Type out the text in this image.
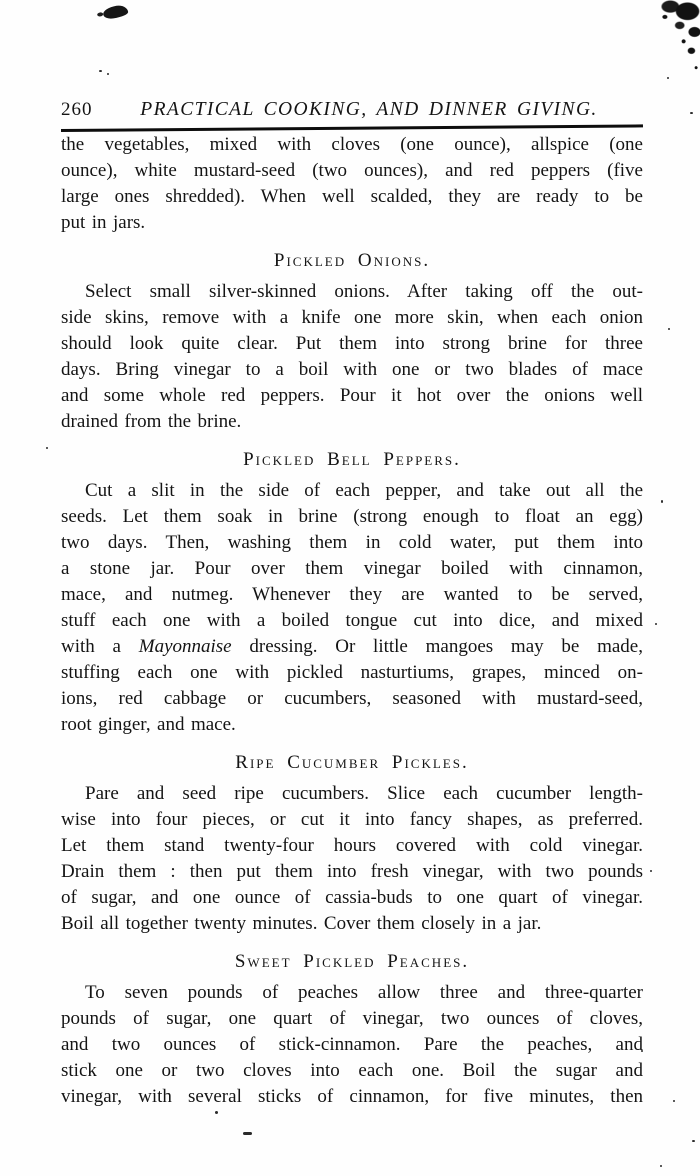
260	PRACTICAL COOKING, AND DINNER GIVING.
the vegetables, mixed with cloves (one ounce), allspice (one
ounce), white mustard-seed (two ounces), and red peppers (five
large ones shredded). When well scalded, they are ready to be
put in jars.
Pickled Onions.
Select small silver-skinned onions. After taking off the out-
side skins, remove with a knife one more skin, when each onion
should look quite clear. Put them into strong brine for three
days. Bring vinegar to a boil with one or two blades of mace
and some whole red peppers. Pour it hot over the onions well
drained from the brine.
Pickled Bell Peppers.
Cut a slit in the side of each pepper, and take out all the
seeds. Let them soak in brine (strong enough to float an egg)
two days. Then, washing them in cold water, put them into
a stone jar. Pour over them vinegar boiled with cinnamon,
mace, and nutmeg. Whenever they are wanted to be served,
stuff each one with a boiled tongue cut into dice, and mixed
with a Mayonnaise dressing. Or little mangoes may be made,
stuffing each one with pickled nasturtiums, grapes, minced on-
ions, red cabbage or cucumbers, seasoned with mustard-seed,
root ginger, and mace.
Ripe Cucumber Pickles.
Pare and seed ripe cucumbers. Slice each cucumber length-
wise into four pieces, or cut it into fancy shapes, as preferred.
Let them stand twenty-four hours covered with cold vinegar.
Drain them : then put them into fresh vinegar, with two pounds
of sugar, and one ounce of cassia-buds to one quart of vinegar.
Boil all together twenty minutes. Cover them closely in a jar.
Sweet Pickled Peaches.
To seven pounds of peaches allow three and three-quarter
pounds of sugar, one quart of vinegar, two ounces of cloves,
and two ounces of stick-cinnamon. Pare the peaches, and
stick one or two cloves into each one. Boil the sugar and
vinegar, with several sticks of cinnamon, for five minutes, then
